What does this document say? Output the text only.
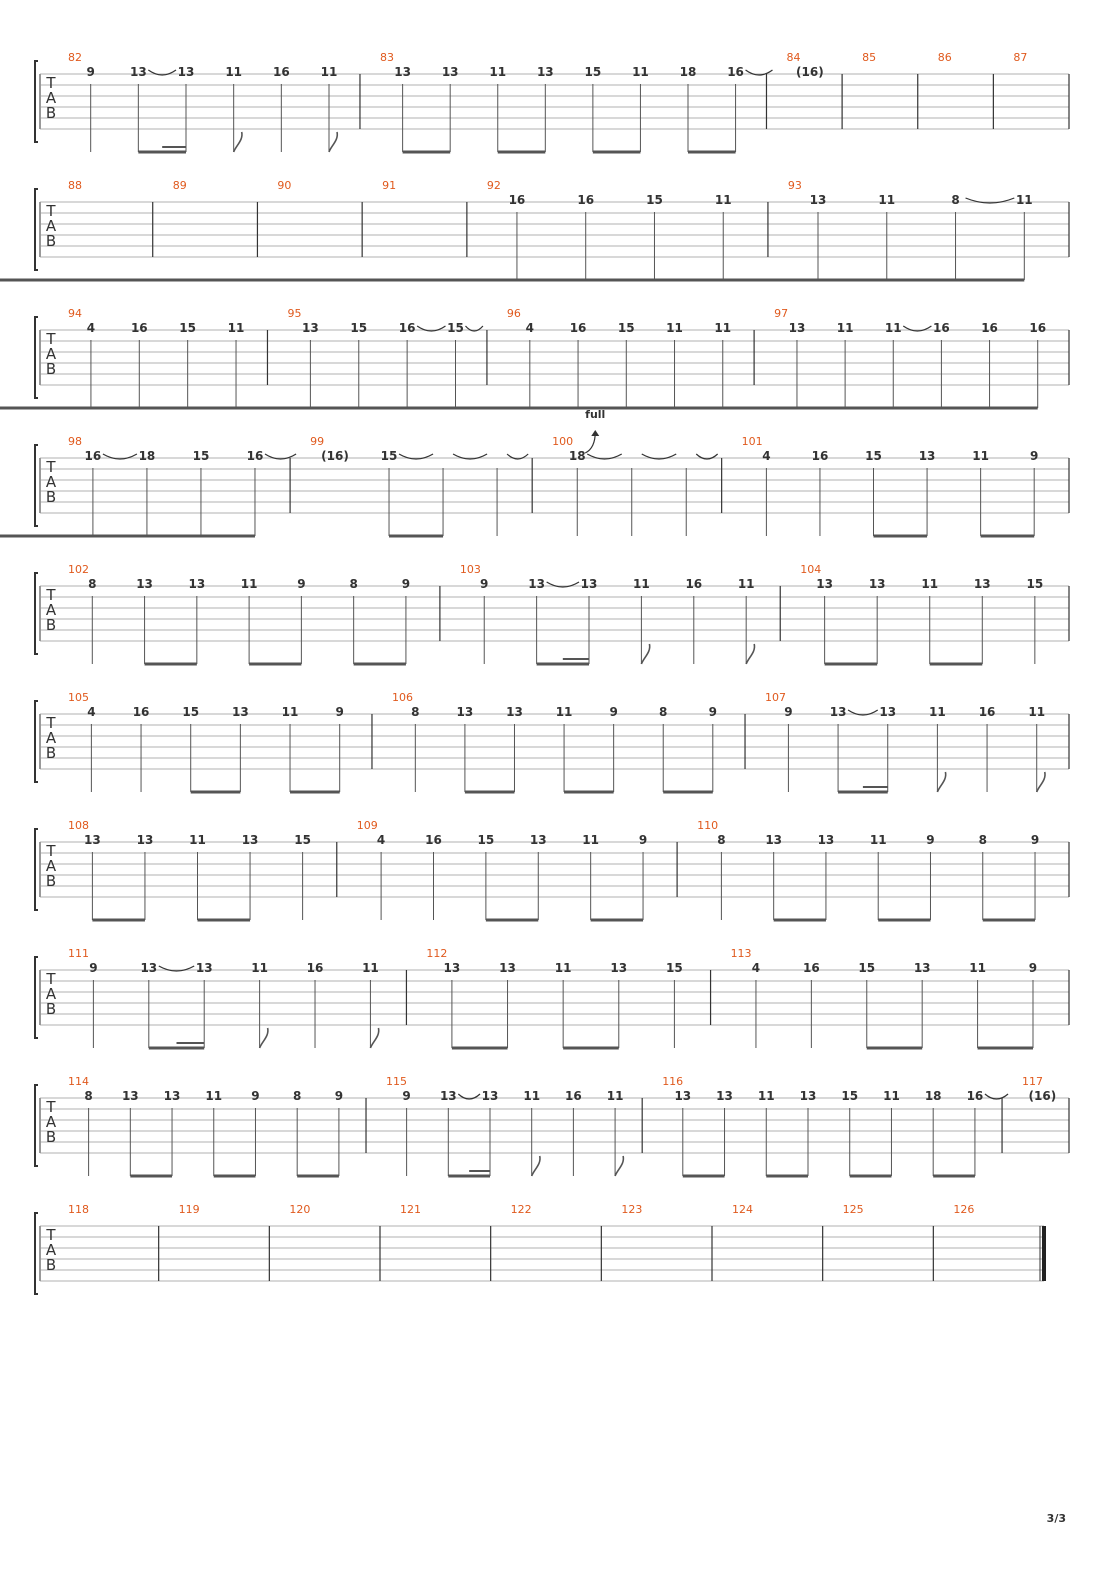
T
A
B
82
9	13	13	11	16	11
83
13	13	11	13	15	11	18	16
84
(16)
85	86	87
T
A
B
88	89	90	91	92
16	16	15	11
93
13	11	8	11
T
A
B
94
4	16	15	11
95
13	15	16	15
96
4	16	15	11	11
97
13	11	11	16	16	16
T
A
B
98
16	18	15	16
99
(16)	15
100
18
full
101
4	16	15	13	11	9
T
A
B
102
8	13	13	11	9	8	9
103
9	13	13	11	16	11
104
13	13	11	13	15
T
A
B
105
4	16	15	13	11	9
106
8	13	13	11	9	8	9
107
9	13	13	11	16	11
T
A
B
108
13	13	11	13	15
109
4	16	15	13	11	9
110
8	13	13	11	9	8	9
T
A
B
111
9	13	13	11	16	11
112
13	13	11	13	15
113
4	16	15	13	11	9
T
A
B
114
8 13 13 11 9	8	9
115
9 13 13 11 16 11
116
13 13 11 13 15 11 18 16
117
(16)
T
A
B
118	119	120	121	122	123	124	125	126
3/3
